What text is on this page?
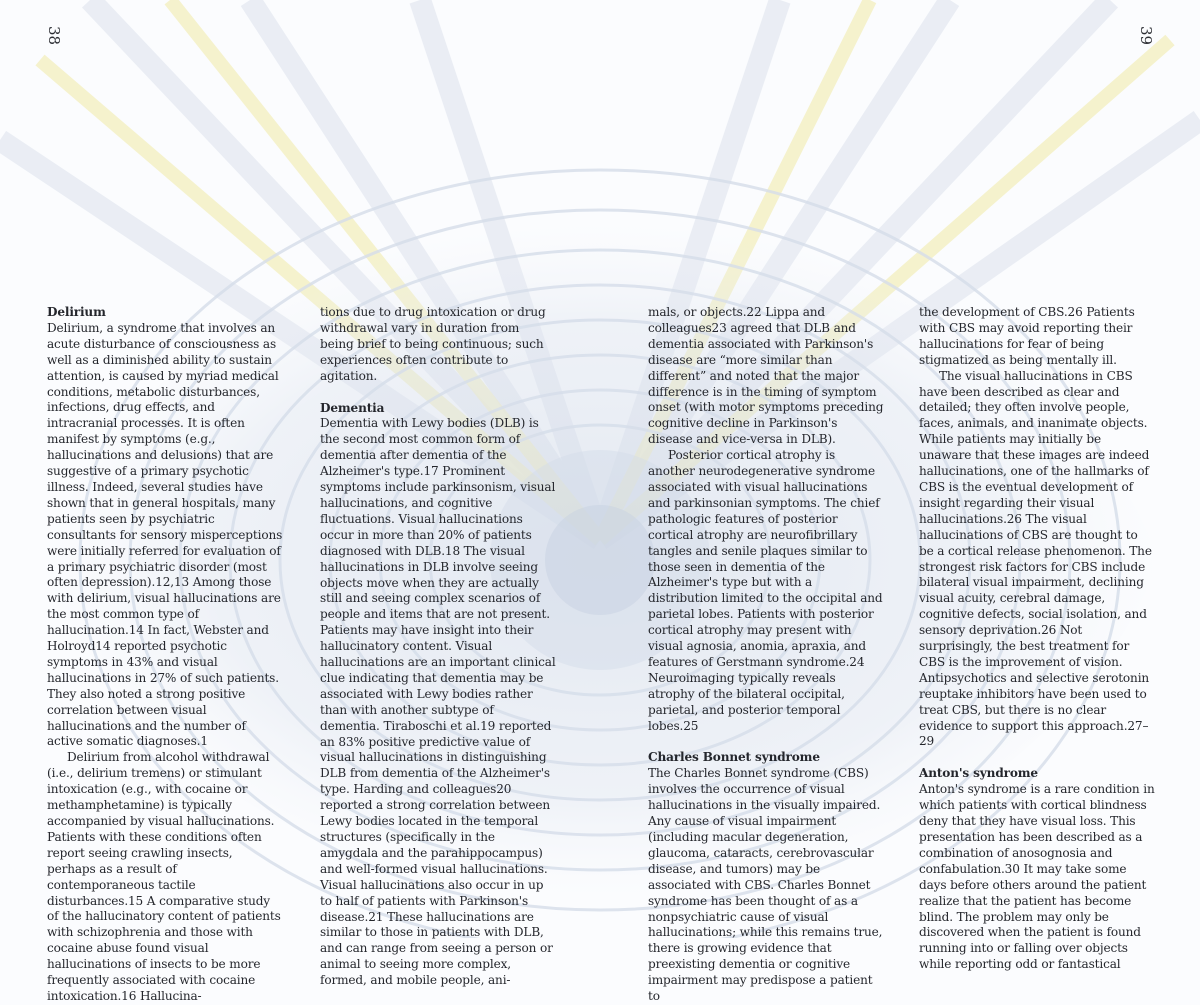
38	39
Delirium

Delirium, a syndrome that involves an acute disturbance of consciousness as well as a diminished ability to sustain attention, is caused by myriad medical conditions, metabolic disturbances, infections, drug effects, and intracranial processes. It is often manifest by symptoms (e.g., hallucinations and delusions) that are suggestive of a primary psychotic illness. Indeed, several studies have shown that in general hospitals, many patients seen by psychiatric consultants for sensory misperceptions were initially referred for evaluation of a primary psychiatric disorder (most often depression).12,13 Among those with delirium, visual hallucinations are the most common type of hallucination.14 In fact, Webster and Holroyd14 reported psychotic symptoms in 43% and visual hallucinations in 27% of such patients. They also noted a strong positive correlation between visual hallucinations and the number of active somatic diagnoses.1

Delirium from alcohol withdrawal (i.e., delirium tremens) or stimulant intoxication (e.g., with cocaine or methamphetamine) is typically accompanied by visual hallucinations. Patients with these conditions often report seeing crawling insects, perhaps as a result of contemporaneous tactile disturbances.15 A comparative study of the hallucinatory content of patients with schizophrenia and those with cocaine abuse found visual hallucinations of insects to be more frequently associated with cocaine intoxication.16 Hallucina-

tions due to drug intoxication or drug withdrawal vary in duration from being brief to being continuous; such experiences often contribute to agitation.

Dementia

Dementia with Lewy bodies (DLB) is the second most common form of dementia after dementia of the Alzheimer's type.17 Prominent symptoms include parkinsonism, visual hallucinations, and cognitive fluctuations. Visual hallucinations occur in more than 20% of patients diagnosed with DLB.18 The visual hallucinations in DLB involve seeing objects move when they are actually still and seeing complex scenarios of people and items that are not present. Patients may have insight into their hallucinatory content. Visual hallucinations are an important clinical clue indicating that dementia may be associated with Lewy bodies rather than with another subtype of dementia. Tiraboschi et al.19 reported an 83% positive predictive value of visual hallucinations in distinguishing DLB from dementia of the Alzheimer's type. Harding and colleagues20 reported a strong correlation between Lewy bodies located in the temporal structures (specifically in the amygdala and the parahippocampus) and well-formed visual hallucinations.

Visual hallucinations also occur in up to half of patients with Parkinson's disease.21 These hallucinations are similar to those in patients with DLB, and can range from seeing a person or animal to seeing more complex, formed, and mobile people, ani-

mals, or objects.22 Lippa and colleagues23 agreed that DLB and dementia associated with Parkinson's disease are “more similar than different” and noted that the major difference is in the timing of symptom onset (with motor symptoms preceding cognitive decline in Parkinson's disease and vice-versa in DLB).

Posterior cortical atrophy is another neurodegenerative syndrome associated with visual hallucinations and parkinsonian symptoms. The chief pathologic features of posterior cortical atrophy are neurofibrillary tangles and senile plaques similar to those seen in dementia of the Alzheimer's type but with a distribution limited to the occipital and parietal lobes. Patients with posterior cortical atrophy may present with visual agnosia, anomia, apraxia, and features of Gerstmann syndrome.24 Neuroimaging typically reveals atrophy of the bilateral occipital, parietal, and posterior temporal lobes.25

Charles Bonnet syndrome

The Charles Bonnet syndrome (CBS) involves the occurrence of visual hallucinations in the visually impaired. Any cause of visual impairment (including macular degeneration, glaucoma, cataracts, cerebrovascular disease, and tumors) may be associated with CBS. Charles Bonnet syndrome has been thought of as a nonpsychiatric cause of visual hallucinations; while this remains true, there is growing evidence that preexisting dementia or cognitive impairment may predispose a patient to

the development of CBS.26 Patients with CBS may avoid reporting their hallucinations for fear of being stigmatized as being mentally ill.

The visual hallucinations in CBS have been described as clear and detailed; they often involve people, faces, animals, and inanimate objects. While patients may initially be unaware that these images are indeed hallucinations, one of the hallmarks of CBS is the eventual development of insight regarding their visual hallucinations.26 The visual hallucinations of CBS are thought to be a cortical release phenomenon. The strongest risk factors for CBS include bilateral visual impairment, declining visual acuity, cerebral damage, cognitive defects, social isolation, and sensory deprivation.26 Not surprisingly, the best treatment for CBS is the improvement of vision. Antipsychotics and selective serotonin reuptake inhibitors have been used to treat CBS, but there is no clear evidence to support this approach.27–29

Anton's syndrome

Anton's syndrome is a rare condition in which patients with cortical blindness deny that they have visual loss. This presentation has been described as a combination of anosognosia and confabulation.30 It may take some days before others around the patient realize that the patient has become blind. The problem may only be discovered when the patient is found running into or falling over objects while reporting odd or fantastical
